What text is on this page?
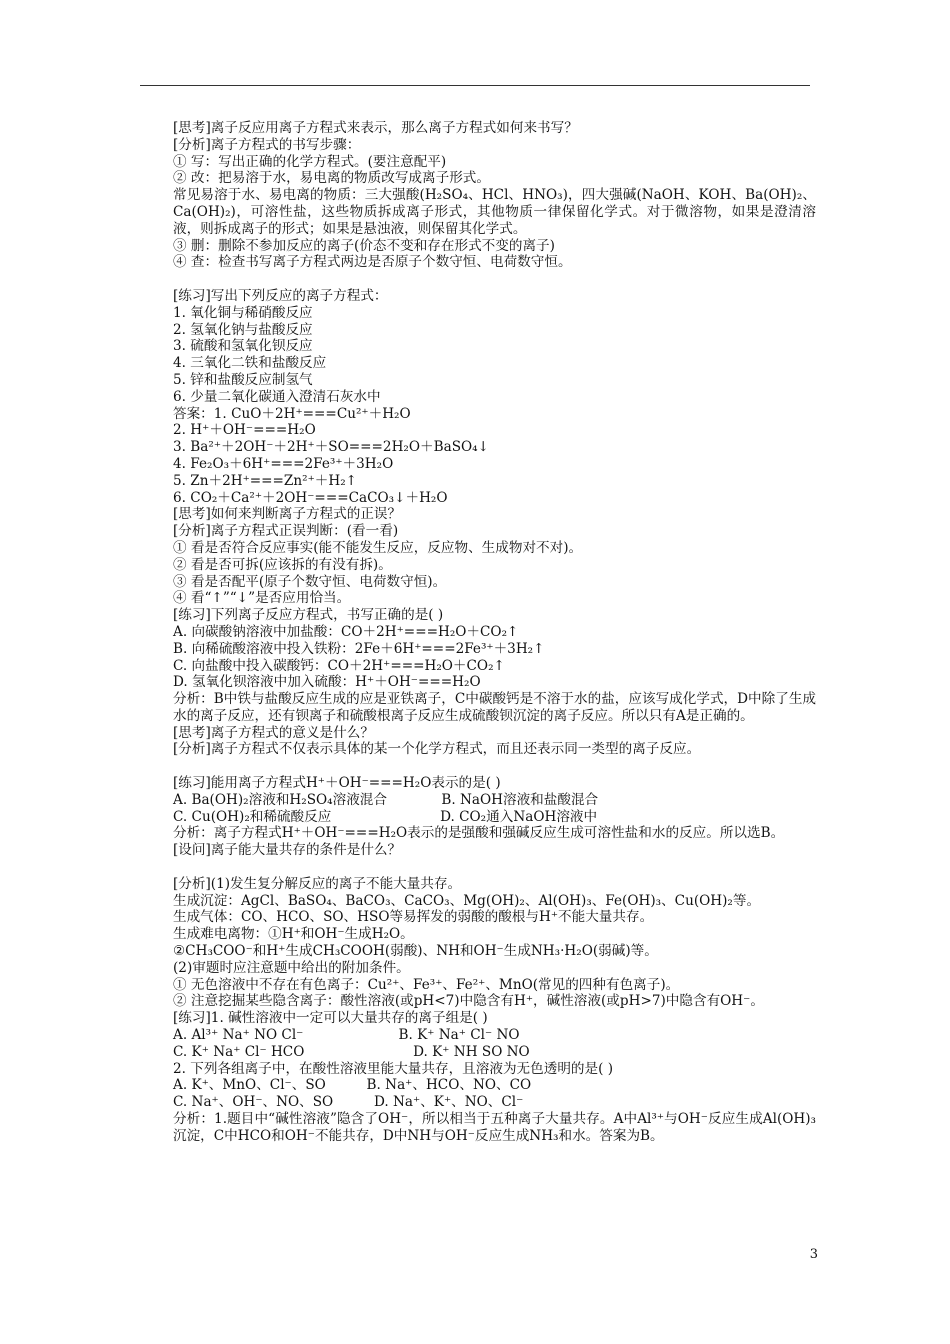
[思考]离子反应用离子方程式来表示，那么离子方程式如何来书写？
[分析]离子方程式的书写步骤：
① 写：写出正确的化学方程式。(要注意配平)
② 改：把易溶于水，易电离的物质改写成离子形式。
常见易溶于水、易电离的物质：三大强酸(H₂SO₄、HCl、HNO₃)，四大强碱(NaOH、KOH、Ba(OH)₂、Ca(OH)₂)，可溶性盐，这些物质拆成离子形式，其他物质一律保留化学式。对于微溶物，如果是澄清溶液，则拆成离子的形式；如果是悬浊液，则保留其化学式。
③ 删：删除不参加反应的离子(价态不变和存在形式不变的离子)
④ 查：检查书写离子方程式两边是否原子个数守恒、电荷数守恒。
[练习]写出下列反应的离子方程式：
1. 氧化铜与稀硝酸反应
2. 氢氧化钠与盐酸反应
3. 硫酸和氢氧化钡反应
4. 三氧化二铁和盐酸反应
5. 锌和盐酸反应制氢气
6. 少量二氧化碳通入澄清石灰水中
答案：1. CuO＋2H⁺===Cu²⁺＋H₂O
2. H⁺＋OH⁻===H₂O
3. Ba²⁺＋2OH⁻＋2H⁺＋SO===2H₂O＋BaSO₄↓
4. Fe₂O₃＋6H⁺===2Fe³⁺＋3H₂O
5. Zn＋2H⁺===Zn²⁺＋H₂↑
6. CO₂＋Ca²⁺＋2OH⁻===CaCO₃↓＋H₂O
[思考]如何来判断离子方程式的正误？
[分析]离子方程式正误判断：(看一看)
① 看是否符合反应事实(能不能发生反应，反应物、生成物对不对)。
② 看是否可拆(应该拆的有没有拆)。
③ 看是否配平(原子个数守恒、电荷数守恒)。
④ 看“↑”“↓”是否应用恰当。
[练习]下列离子反应方程式，书写正确的是( )
A. 向碳酸钠溶液中加盐酸：CO＋2H⁺===H₂O＋CO₂↑
B. 向稀硫酸溶液中投入铁粉：2Fe＋6H⁺===2Fe³⁺＋3H₂↑
C. 向盐酸中投入碳酸钙：CO＋2H⁺===H₂O＋CO₂↑
D. 氢氧化钡溶液中加入硫酸：H⁺＋OH⁻===H₂O
分析：B中铁与盐酸反应生成的应是亚铁离子，C中碳酸钙是不溶于水的盐，应该写成化学式，D中除了生成水的离子反应，还有钡离子和硫酸根离子反应生成硫酸钡沉淀的离子反应。所以只有A是正确的。
[思考]离子方程式的意义是什么？
[分析]离子方程式不仅表示具体的某一个化学方程式，而且还表示同一类型的离子反应。
[练习]能用离子方程式H⁺＋OH⁻===H₂O表示的是( )
A. Ba(OH)₂溶液和H₂SO₄溶液混合　　　　B. NaOH溶液和盐酸混合
C. Cu(OH)₂和稀硫酸反应　　　　　　　　D. CO₂通入NaOH溶液中
分析：离子方程式H⁺＋OH⁻===H₂O表示的是强酸和强碱反应生成可溶性盐和水的反应。所以选B。
[设问]离子能大量共存的条件是什么？
[分析](1)发生复分解反应的离子不能大量共存。
生成沉淀：AgCl、BaSO₄、BaCO₃、CaCO₃、Mg(OH)₂、Al(OH)₃、Fe(OH)₃、Cu(OH)₂等。
生成气体：CO、HCO、SO、HSO等易挥发的弱酸的酸根与H⁺不能大量共存。
生成难电离物：①H⁺和OH⁻生成H₂O。
②CH₃COO⁻和H⁺生成CH₃COOH(弱酸)、NH和OH⁻生成NH₃·H₂O(弱碱)等。
(2)审题时应注意题中给出的附加条件。
① 无色溶液中不存在有色离子：Cu²⁺、Fe³⁺、Fe²⁺、MnO(常见的四种有色离子)。
② 注意挖掘某些隐含离子：酸性溶液(或pH<7)中隐含有H⁺，碱性溶液(或pH>7)中隐含有OH⁻。
[练习]1. 碱性溶液中一定可以大量共存的离子组是( )
A. Al³⁺ Na⁺ NO Cl⁻　　　　　　　B. K⁺ Na⁺ Cl⁻ NO
C. K⁺ Na⁺ Cl⁻ HCO　　　　　　　　D. K⁺ NH SO NO
2. 下列各组离子中，在酸性溶液里能大量共存，且溶液为无色透明的是( )
A. K⁺、MnO、Cl⁻、SO　　　B. Na⁺、HCO、NO、CO
C. Na⁺、OH⁻、NO、SO　　　D. Na⁺、K⁺、NO、Cl⁻
分析：1.题目中“碱性溶液”隐含了OH⁻，所以相当于五种离子大量共存。A中Al³⁺与OH⁻反应生成Al(OH)₃沉淀，C中HCO和OH⁻不能共存，D中NH与OH⁻反应生成NH₃和水。答案为B。
3
